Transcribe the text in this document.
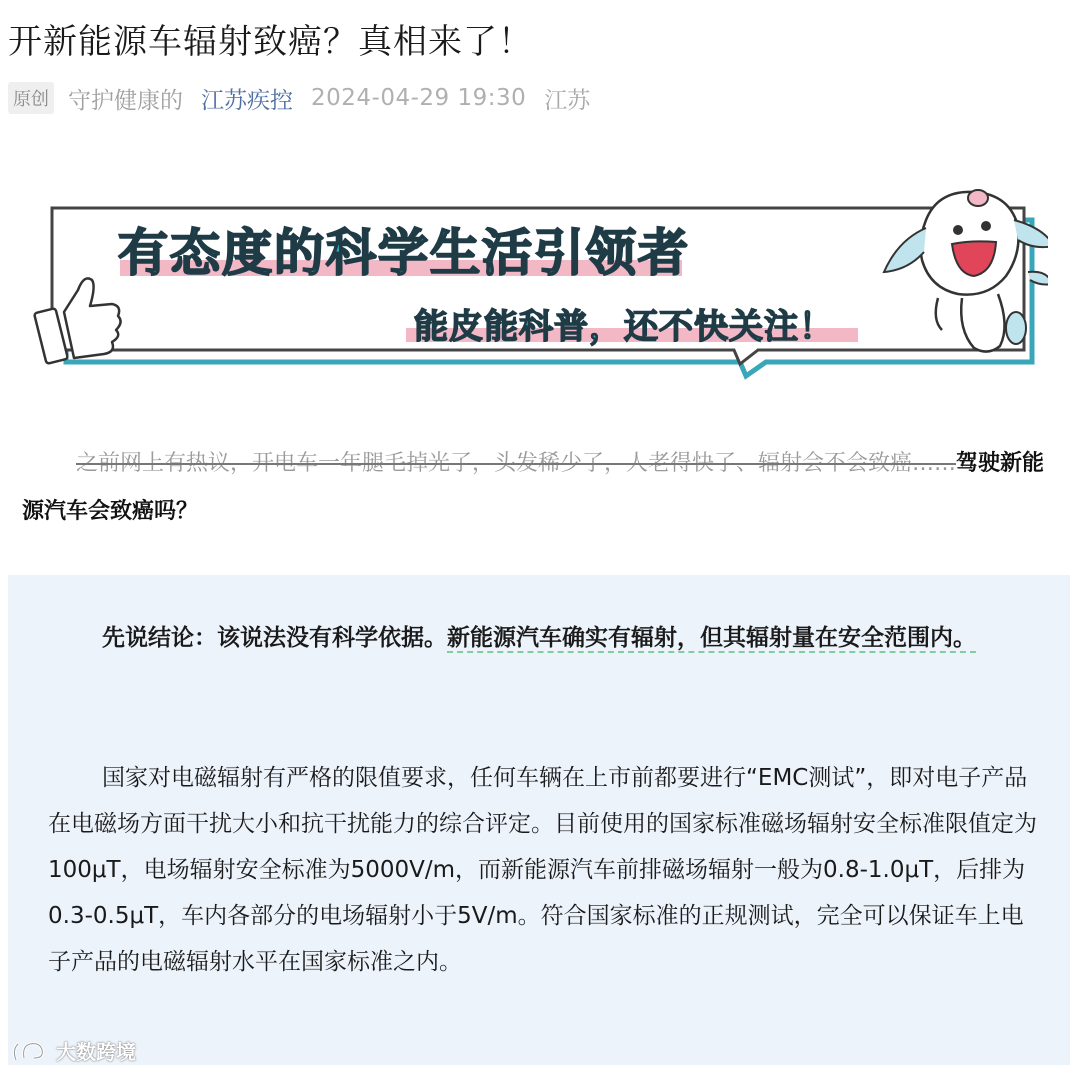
开新能源车辐射致癌？真相来了！
原创 守护健康的 江苏疾控 2024-04-29 19:30 江苏
有态度的科学生活引领者
能皮能科普，还不快关注！
之前网上有热议，开电车一年腿毛掉光了，头发稀少了，人老得快了、辐射会不会致癌……驾驶新能源汽车会致癌吗？

先说结论：该说法没有科学依据。新能源汽车确实有辐射，但其辐射量在安全范围内。

国家对电磁辐射有严格的限值要求，任何车辆在上市前都要进行“EMC测试”，即对电子产品在电磁场方面干扰大小和抗干扰能力的综合评定。目前使用的国家标准磁场辐射安全标准限值定为100μT，电场辐射安全标准为5000V/m，而新能源汽车前排磁场辐射一般为0.8-1.0μT，后排为0.3-0.5μT，车内各部分的电场辐射小于5V/m。符合国家标准的正规测试，完全可以保证车上电子产品的电磁辐射水平在国家标准之内。

大数跨境
